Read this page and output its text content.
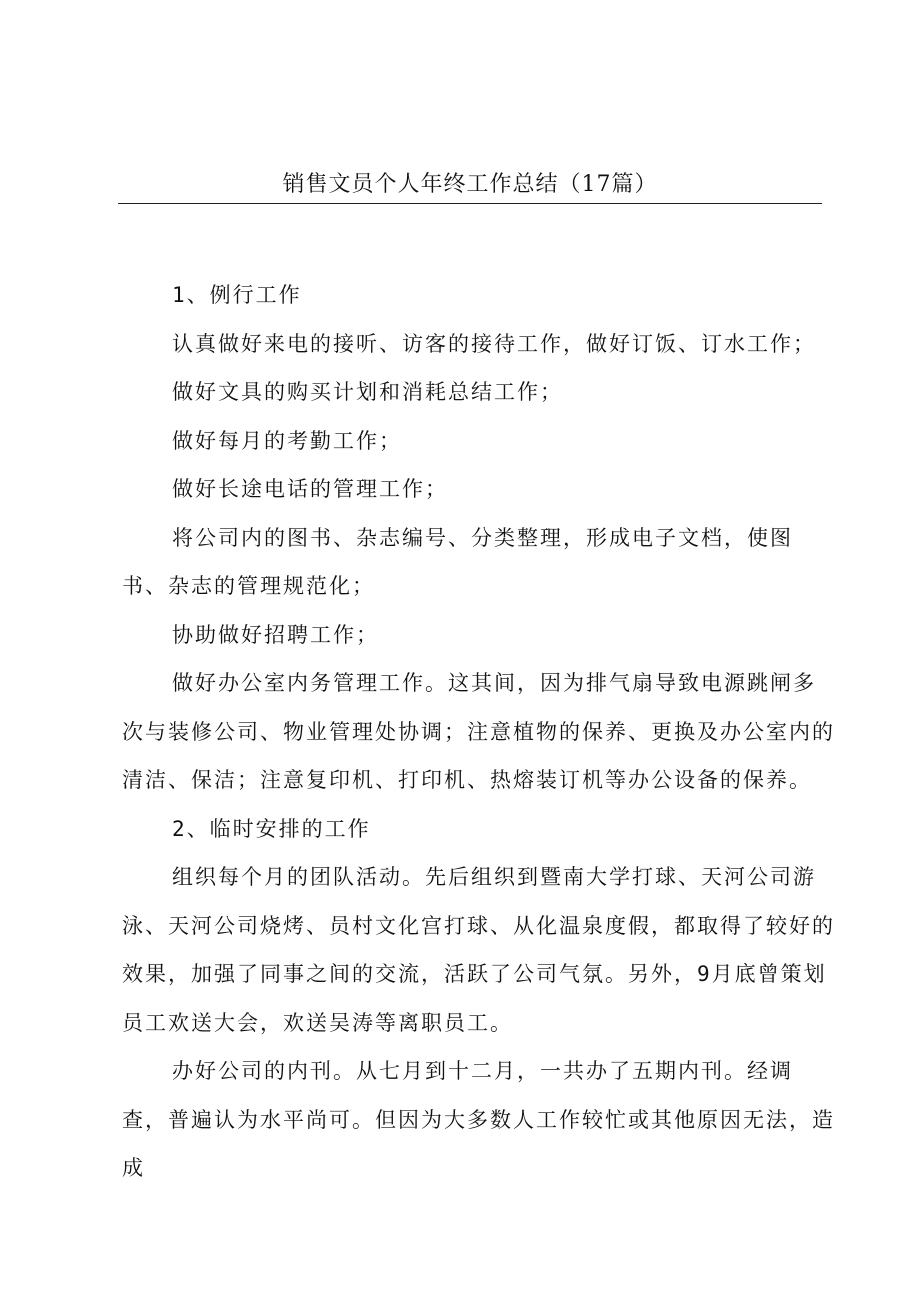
销售文员个人年终工作总结（17篇）

1、例行工作

认真做好来电的接听、访客的接待工作，做好订饭、订水工作；

做好文具的购买计划和消耗总结工作；

做好每月的考勤工作；

做好长途电话的管理工作；

将公司内的图书、杂志编号、分类整理，形成电子文档，使图书、杂志的管理规范化；

协助做好招聘工作；

做好办公室内务管理工作。这其间，因为排气扇导致电源跳闸多次与装修公司、物业管理处协调；注意植物的保养、更换及办公室内的清洁、保洁；注意复印机、打印机、热熔装订机等办公设备的保养。

2、临时安排的工作

组织每个月的团队活动。先后组织到暨南大学打球、天河公司游泳、天河公司烧烤、员村文化宫打球、从化温泉度假，都取得了较好的效果，加强了同事之间的交流，活跃了公司气氛。另外，9月底曾策划员工欢送大会，欢送吴涛等离职员工。

办好公司的内刊。从七月到十二月，一共办了五期内刊。经调查，普遍认为水平尚可。但因为大多数人工作较忙或其他原因无法，造成
